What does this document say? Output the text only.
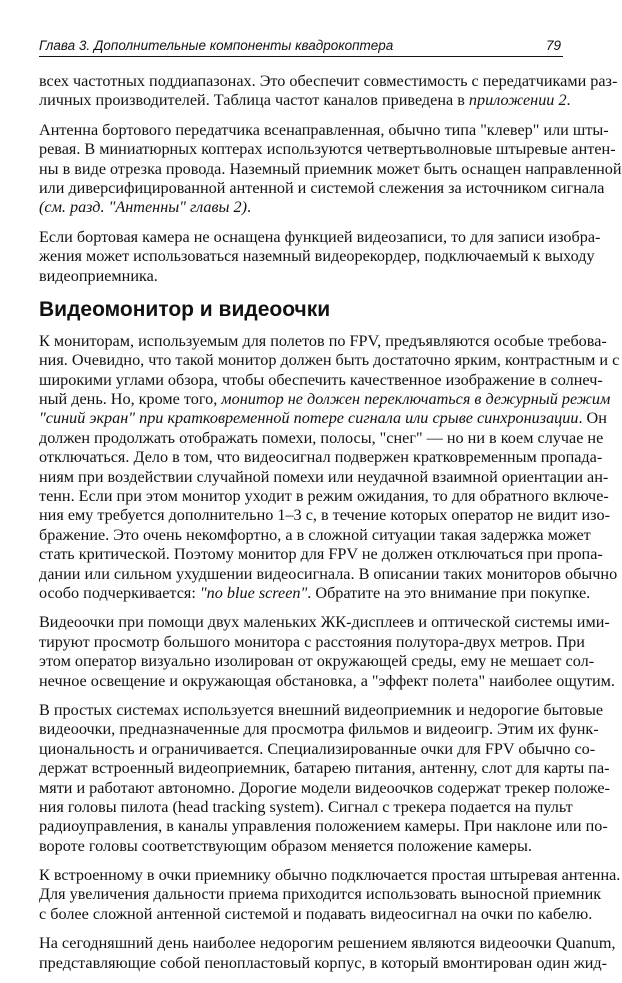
Глава 3. Дополнительные компоненты квадрокоптера	79
всех частотных поддиапазонах. Это обеспечит совместимость с передатчиками раз-
личных производителей. Таблица частот каналов приведена в приложении 2.
Антенна бортового передатчика всенаправленная, обычно типа "клевер" или шты-
ревая. В миниатюрных коптерах используются четвертьволновые штыревые антен-
ны в виде отрезка провода. Наземный приемник может быть оснащен направленной
или диверсифицированной антенной и системой слежения за источником сигнала
(см. разд. "Антенны" главы 2).
Если бортовая камера не оснащена функцией видеозаписи, то для записи изобра-
жения может использоваться наземный видеорекордер, подключаемый к выходу
видеоприемника.
Видеомонитор и видеоочки
К мониторам, используемым для полетов по FPV, предъявляются особые требова-
ния. Очевидно, что такой монитор должен быть достаточно ярким, контрастным и с
широкими углами обзора, чтобы обеспечить качественное изображение в солнеч-
ный день. Но, кроме того, монитор не должен переключаться в дежурный режим
"синий экран" при кратковременной потере сигнала или срыве синхронизации. Он
должен продолжать отображать помехи, полосы, "снег" — но ни в коем случае не
отключаться. Дело в том, что видеосигнал подвержен кратковременным пропада-
ниям при воздействии случайной помехи или неудачной взаимной ориентации ан-
тенн. Если при этом монитор уходит в режим ожидания, то для обратного включе-
ния ему требуется дополнительно 1–3 с, в течение которых оператор не видит изо-
бражение. Это очень некомфортно, а в сложной ситуации такая задержка может
стать критической. Поэтому монитор для FPV не должен отключаться при пропа-
дании или сильном ухудшении видеосигнала. В описании таких мониторов обычно
особо подчеркивается: "no blue screen". Обратите на это внимание при покупке.
Видеоочки при помощи двух маленьких ЖК-дисплеев и оптической системы ими-
тируют просмотр большого монитора с расстояния полутора-двух метров. При
этом оператор визуально изолирован от окружающей среды, ему не мешает сол-
нечное освещение и окружающая обстановка, а "эффект полета" наиболее ощутим.
В простых системах используется внешний видеоприемник и недорогие бытовые
видеоочки, предназначенные для просмотра фильмов и видеоигр. Этим их функ-
циональность и ограничивается. Специализированные очки для FPV обычно со-
держат встроенный видеоприемник, батарею питания, антенну, слот для карты па-
мяти и работают автономно. Дорогие модели видеоочков содержат трекер положе-
ния головы пилота (head tracking system). Сигнал с трекера подается на пульт
радиоуправления, в каналы управления положением камеры. При наклоне или по-
вороте головы соответствующим образом меняется положение камеры.
К встроенному в очки приемнику обычно подключается простая штыревая антенна.
Для увеличения дальности приема приходится использовать выносной приемник
с более сложной антенной системой и подавать видеосигнал на очки по кабелю.
На сегодняшний день наиболее недорогим решением являются видеоочки Quanum,
представляющие собой пенопластовый корпус, в который вмонтирован один жид-
